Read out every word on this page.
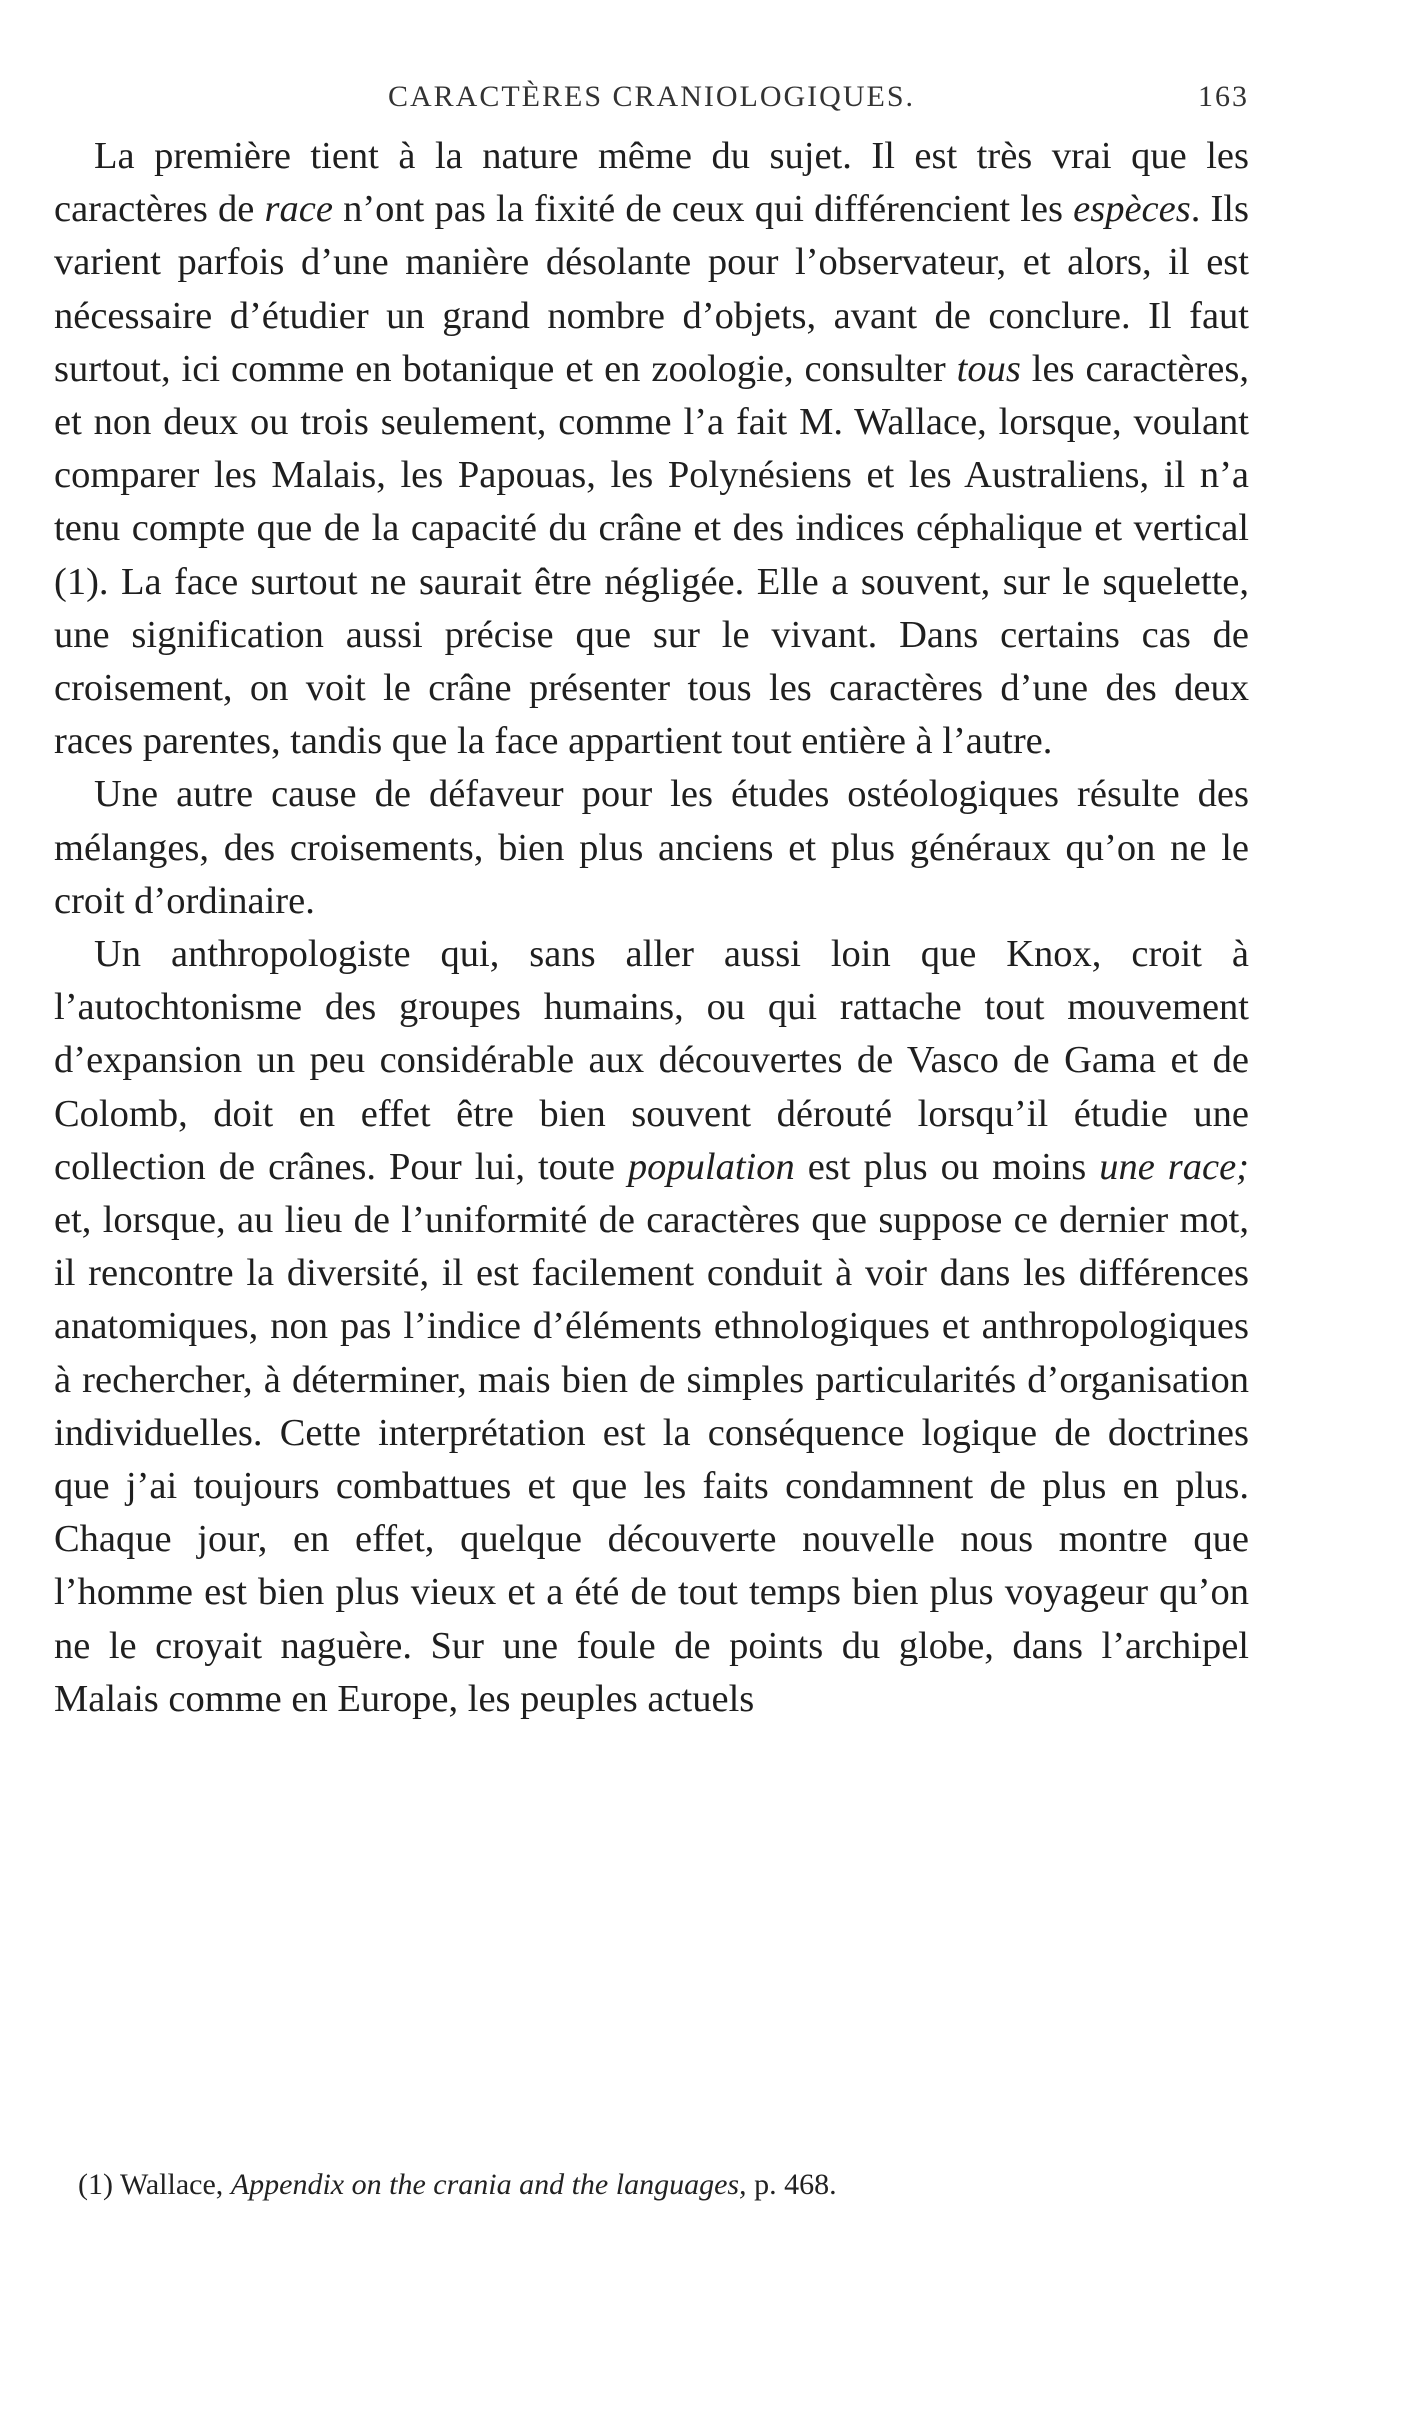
CARACTÈRES CRANIOLOGIQUES.	163

La première tient à la nature même du sujet. Il est très vrai que les caractères de race n’ont pas la fixité de ceux qui différencient les espèces. Ils varient parfois d’une manière désolante pour l’observateur, et alors, il est nécessaire d’étudier un grand nombre d’objets, avant de conclure. Il faut surtout, ici comme en botanique et en zoologie, consulter tous les caractères, et non deux ou trois seulement, comme l’a fait M. Wallace, lorsque, voulant comparer les Malais, les Papouas, les Polynésiens et les Australiens, il n’a tenu compte que de la capacité du crâne et des indices céphalique et vertical (1). La face surtout ne saurait être négligée. Elle a souvent, sur le squelette, une signification aussi précise que sur le vivant. Dans certains cas de croisement, on voit le crâne présenter tous les caractères d’une des deux races parentes, tandis que la face appartient tout entière à l’autre.

Une autre cause de défaveur pour les études ostéologiques résulte des mélanges, des croisements, bien plus anciens et plus généraux qu’on ne le croit d’ordinaire.

Un anthropologiste qui, sans aller aussi loin que Knox, croit à l’autochtonisme des groupes humains, ou qui rattache tout mouvement d’expansion un peu considérable aux découvertes de Vasco de Gama et de Colomb, doit en effet être bien souvent dérouté lorsqu’il étudie une collection de crânes. Pour lui, toute population est plus ou moins une race; et, lorsque, au lieu de l’uniformité de caractères que suppose ce dernier mot, il rencontre la diversité, il est facilement conduit à voir dans les différences anatomiques, non pas l’indice d’éléments ethnologiques et anthropologiques à rechercher, à déterminer, mais bien de simples particularités d’organisation individuelles. Cette interprétation est la conséquence logique de doctrines que j’ai toujours combattues et que les faits condamnent de plus en plus. Chaque jour, en effet, quelque découverte nouvelle nous montre que l’homme est bien plus vieux et a été de tout temps bien plus voyageur qu’on ne le croyait naguère. Sur une foule de points du globe, dans l’archipel Malais comme en Europe, les peuples actuels

(1) Wallace, Appendix on the crania and the languages, p. 468.
